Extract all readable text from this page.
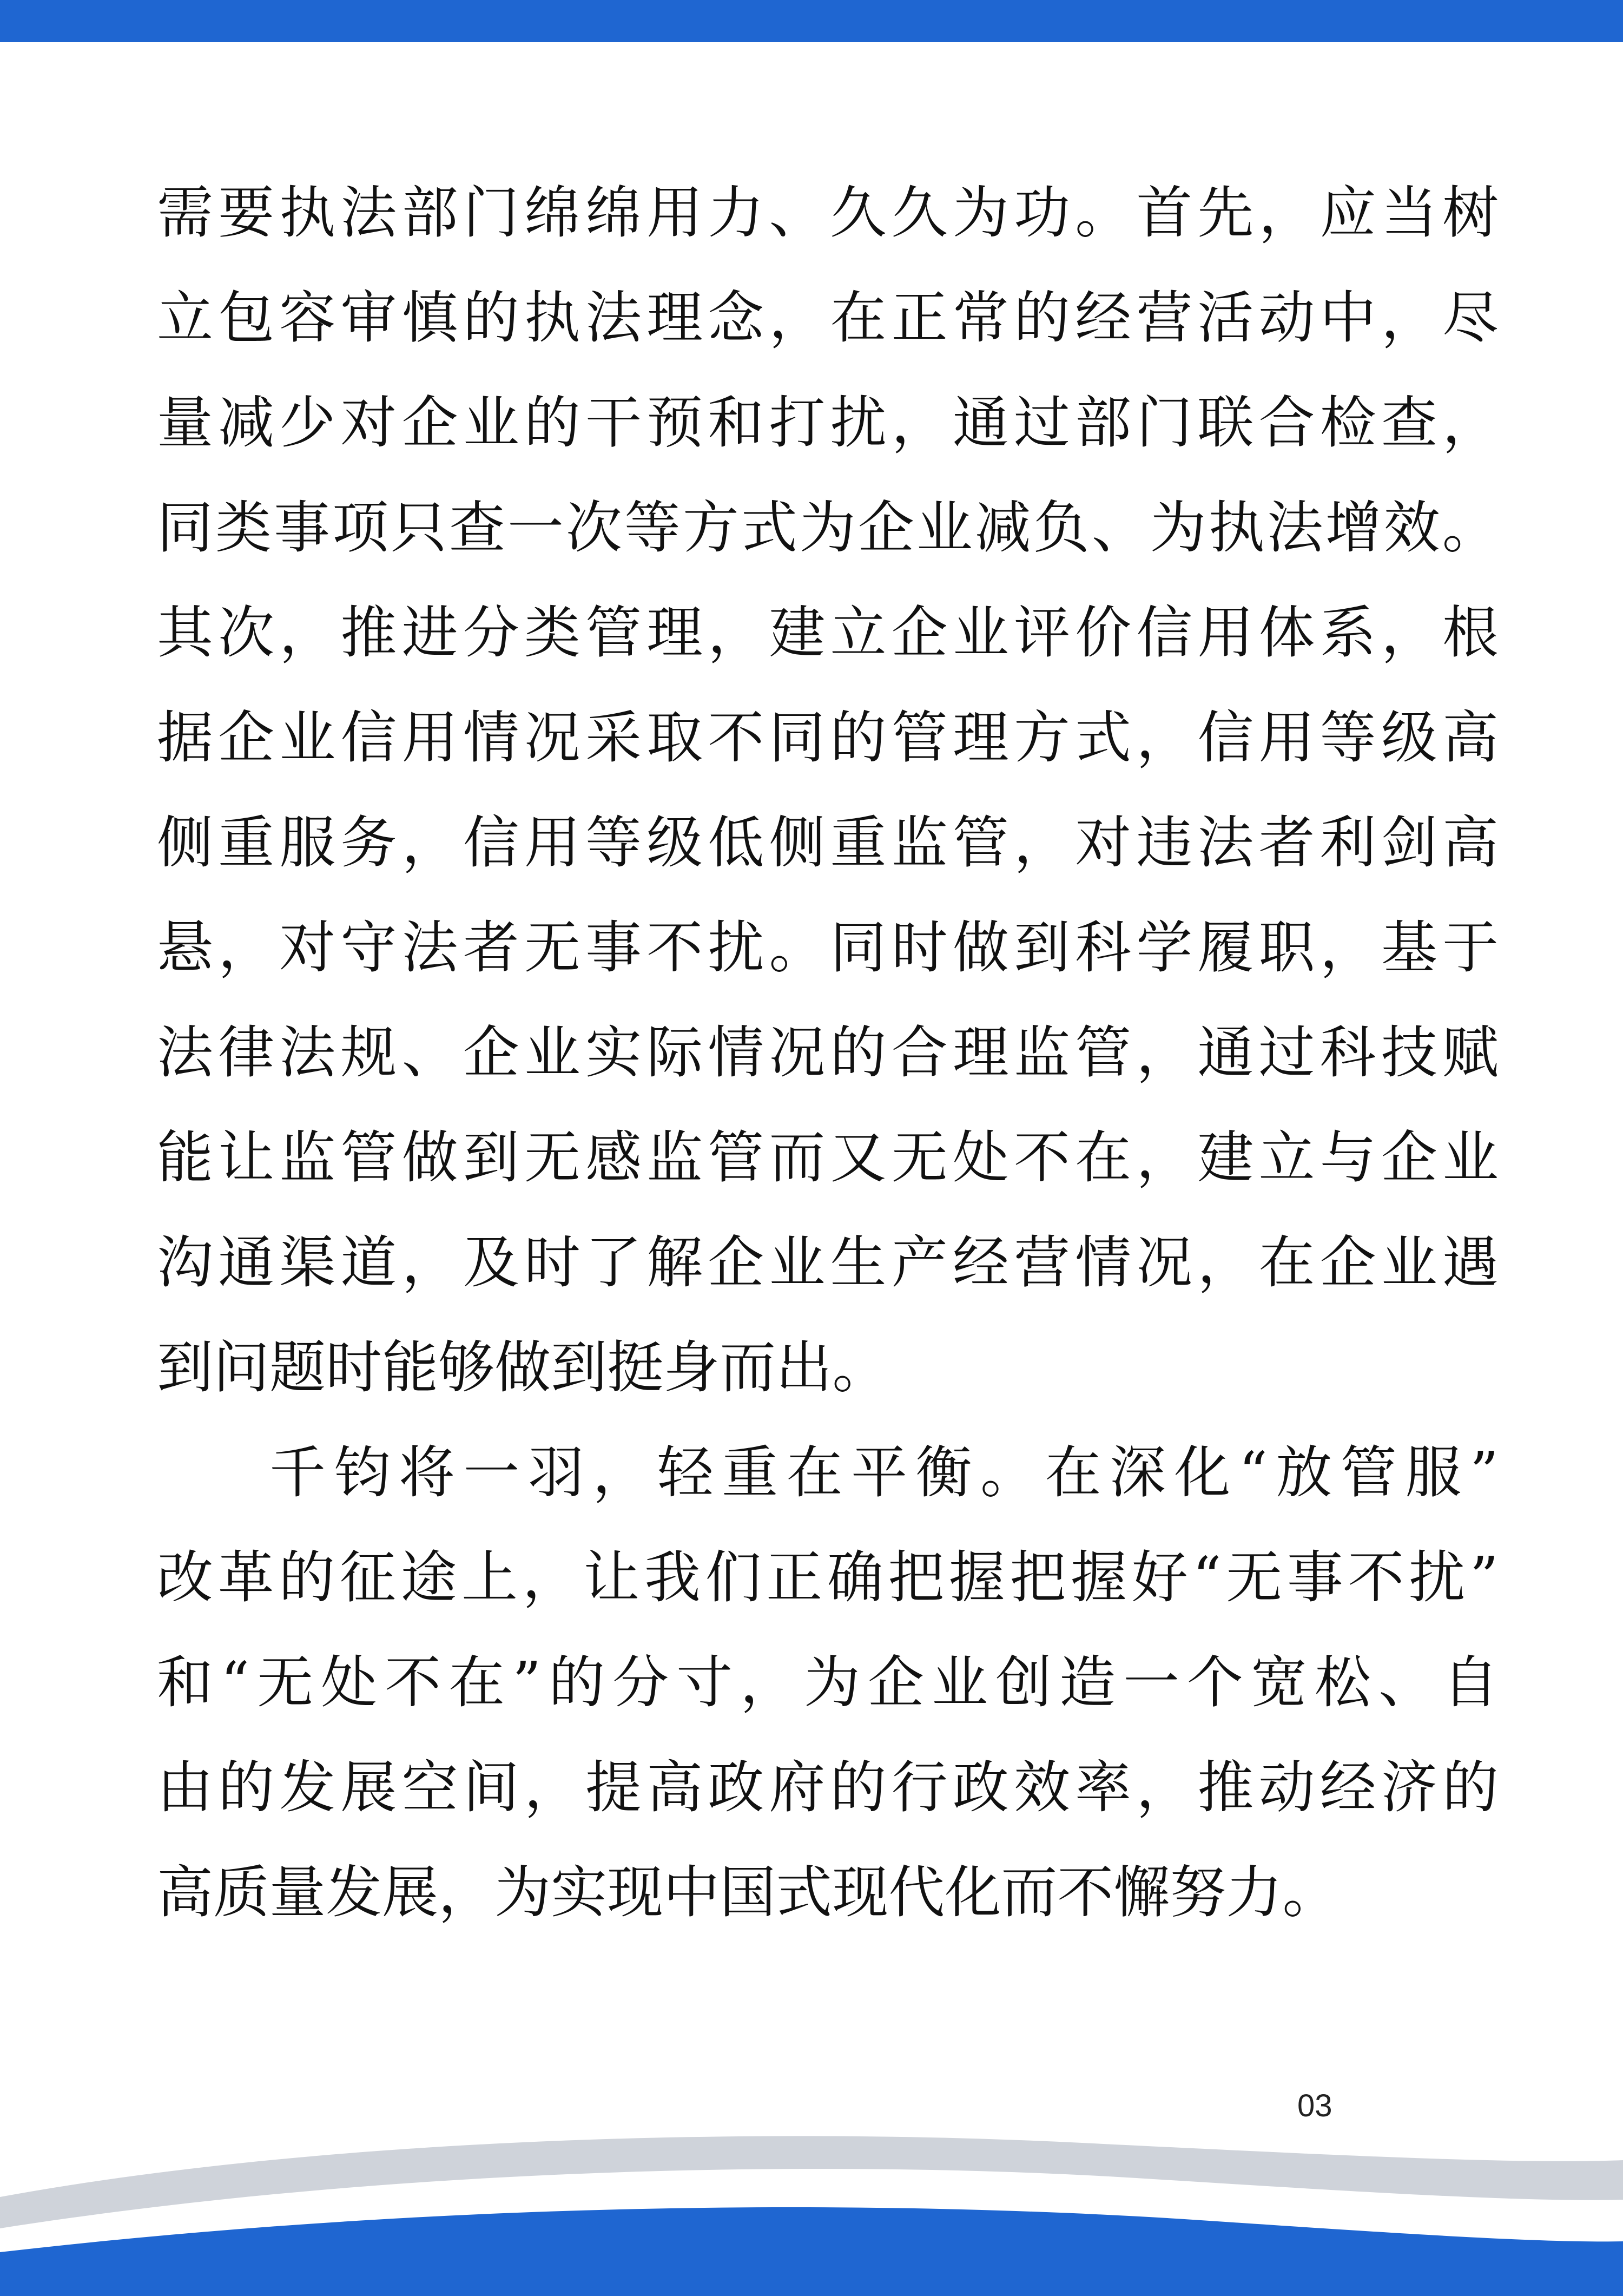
需 要 执 法 部 门 绵 绵 用 力 、 久 久 为 功 。 首 先 ， 应 当 树
立 包 容 审 慎 的 执 法 理 念 ， 在 正 常 的 经 营 活 动 中 ， 尽
量 减 少 对 企 业 的 干 预 和 打 扰 ， 通 过 部 门 联 合 检 查 ，
同 类 事 项 只 查 一 次 等 方 式 为 企 业 减 负 、 为 执 法 增 效 。
其 次 ， 推 进 分 类 管 理 ， 建 立 企 业 评 价 信 用 体 系 ， 根
据 企 业 信 用 情 况 采 取 不 同 的 管 理 方 式 ， 信 用 等 级 高
侧 重 服 务 ， 信 用 等 级 低 侧 重 监 管 ， 对 违 法 者 利 剑 高
悬 ， 对 守 法 者 无 事 不 扰 。 同 时 做 到 科 学 履 职 ， 基 于
法 律 法 规 、 企 业 实 际 情 况 的 合 理 监 管 ， 通 过 科 技 赋
能 让 监 管 做 到 无 感 监 管 而 又 无 处 不 在 ， 建 立 与 企 业
沟 通 渠 道 ， 及 时 了 解 企 业 生 产 经 营 情 况 ， 在 企 业 遇
到 问 题 时 能 够 做 到 挺 身 而 出 。
千 钧 将 一 羽 ， 轻 重 在 平 衡 。 在 深 化 “ 放 管 服 ”
改 革 的 征 途 上 ， 让 我 们 正 确 把 握 把 握 好 “ 无 事 不 扰 ”
和 “ 无 处 不 在 ” 的 分 寸 ， 为 企 业 创 造 一 个 宽 松 、 自
由 的 发 展 空 间 ， 提 高 政 府 的 行 政 效 率 ， 推 动 经 济 的
高 质 量 发 展 ， 为 实 现 中 国 式 现 代 化 而 不 懈 努 力 。
03
